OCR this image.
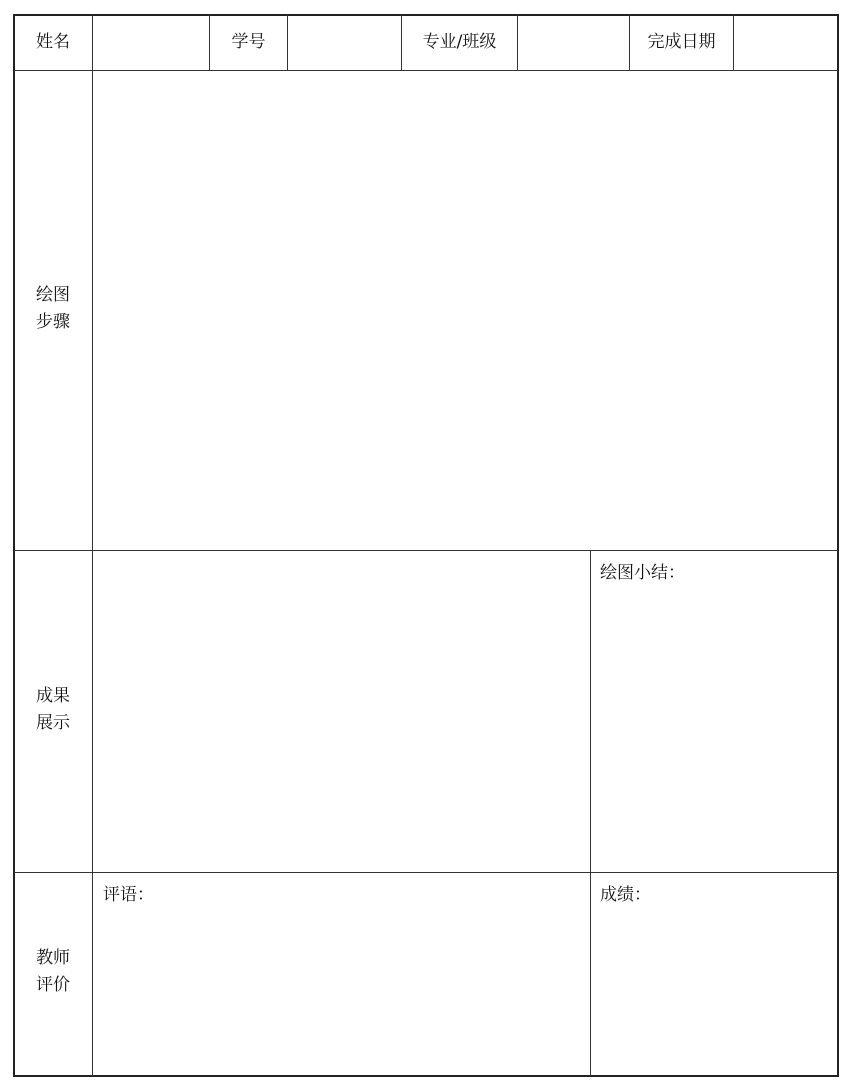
姓名	学号	专业/班级	完成日期
绘图
步骤
成果
展示
绘图小结：
教师
评价
评语：	成绩：
